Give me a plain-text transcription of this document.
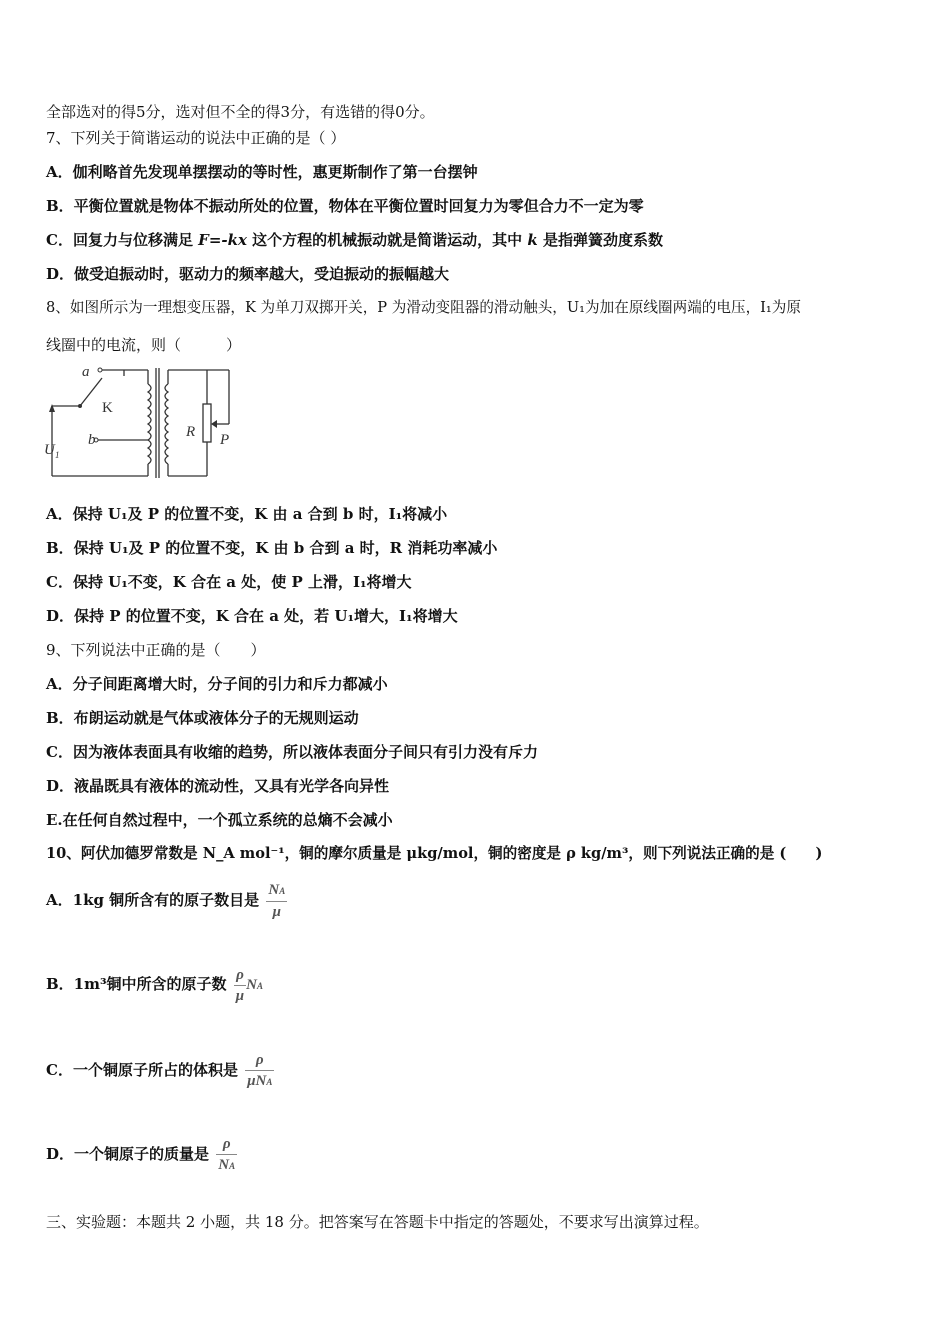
全部选对的得5分，选对但不全的得3分，有选错的得0分。
7、下列关于简谐运动的说法中正确的是（ ）
A．伽利略首先发现单摆摆动的等时性，惠更斯制作了第一台摆钟
B．平衡位置就是物体不振动所处的位置，物体在平衡位置时回复力为零但合力不一定为零
C．回复力与位移满足 F=-kx 这个方程的机械振动就是简谐运动，其中 k 是指弹簧劲度系数
D．做受迫振动时，驱动力的频率越大，受迫振动的振幅越大
8、如图所示为一理想变压器，K 为单刀双掷开关，P 为滑动变阻器的滑动触头，U₁为加在原线圈两端的电压，I₁为原
线圈中的电流，则（　　　）
a
b
K
U 1
R P
A．保持 U₁及 P 的位置不变，K 由 a 合到 b 时，I₁将减小
B．保持 U₁及 P 的位置不变，K 由 b 合到 a 时，R 消耗功率减小
C．保持 U₁不变，K 合在 a 处，使 P 上滑，I₁将增大
D．保持 P 的位置不变，K 合在 a 处，若 U₁增大，I₁将增大
9、下列说法中正确的是（　　）
A．分子间距离增大时，分子间的引力和斥力都减小
B．布朗运动就是气体或液体分子的无规则运动
C．因为液体表面具有收缩的趋势，所以液体表面分子间只有引力没有斥力
D．液晶既具有液体的流动性，又具有光学各向异性
E.在任何自然过程中，一个孤立系统的总熵不会减小
10、阿伏加德罗常数是 N_A mol⁻¹，铜的摩尔质量是 μkg/mol，铜的密度是 ρ kg/m³，则下列说法正确的是 (　　)
A．1kg 铜所含有的原子数目是 $\frac{NA}{\mu}$
B．1m³铜中所含的原子数 $\frac{\rho}{\mu}$ NA
C．一个铜原子所占的体积是 $\frac{\rho}{\text{μNA}}$
D．一个铜原子的质量是 $\frac{\rho}{NA}$
三、实验题：本题共 2 小题，共 18 分。把答案写在答题卡中指定的答题处，不要求写出演算过程。
